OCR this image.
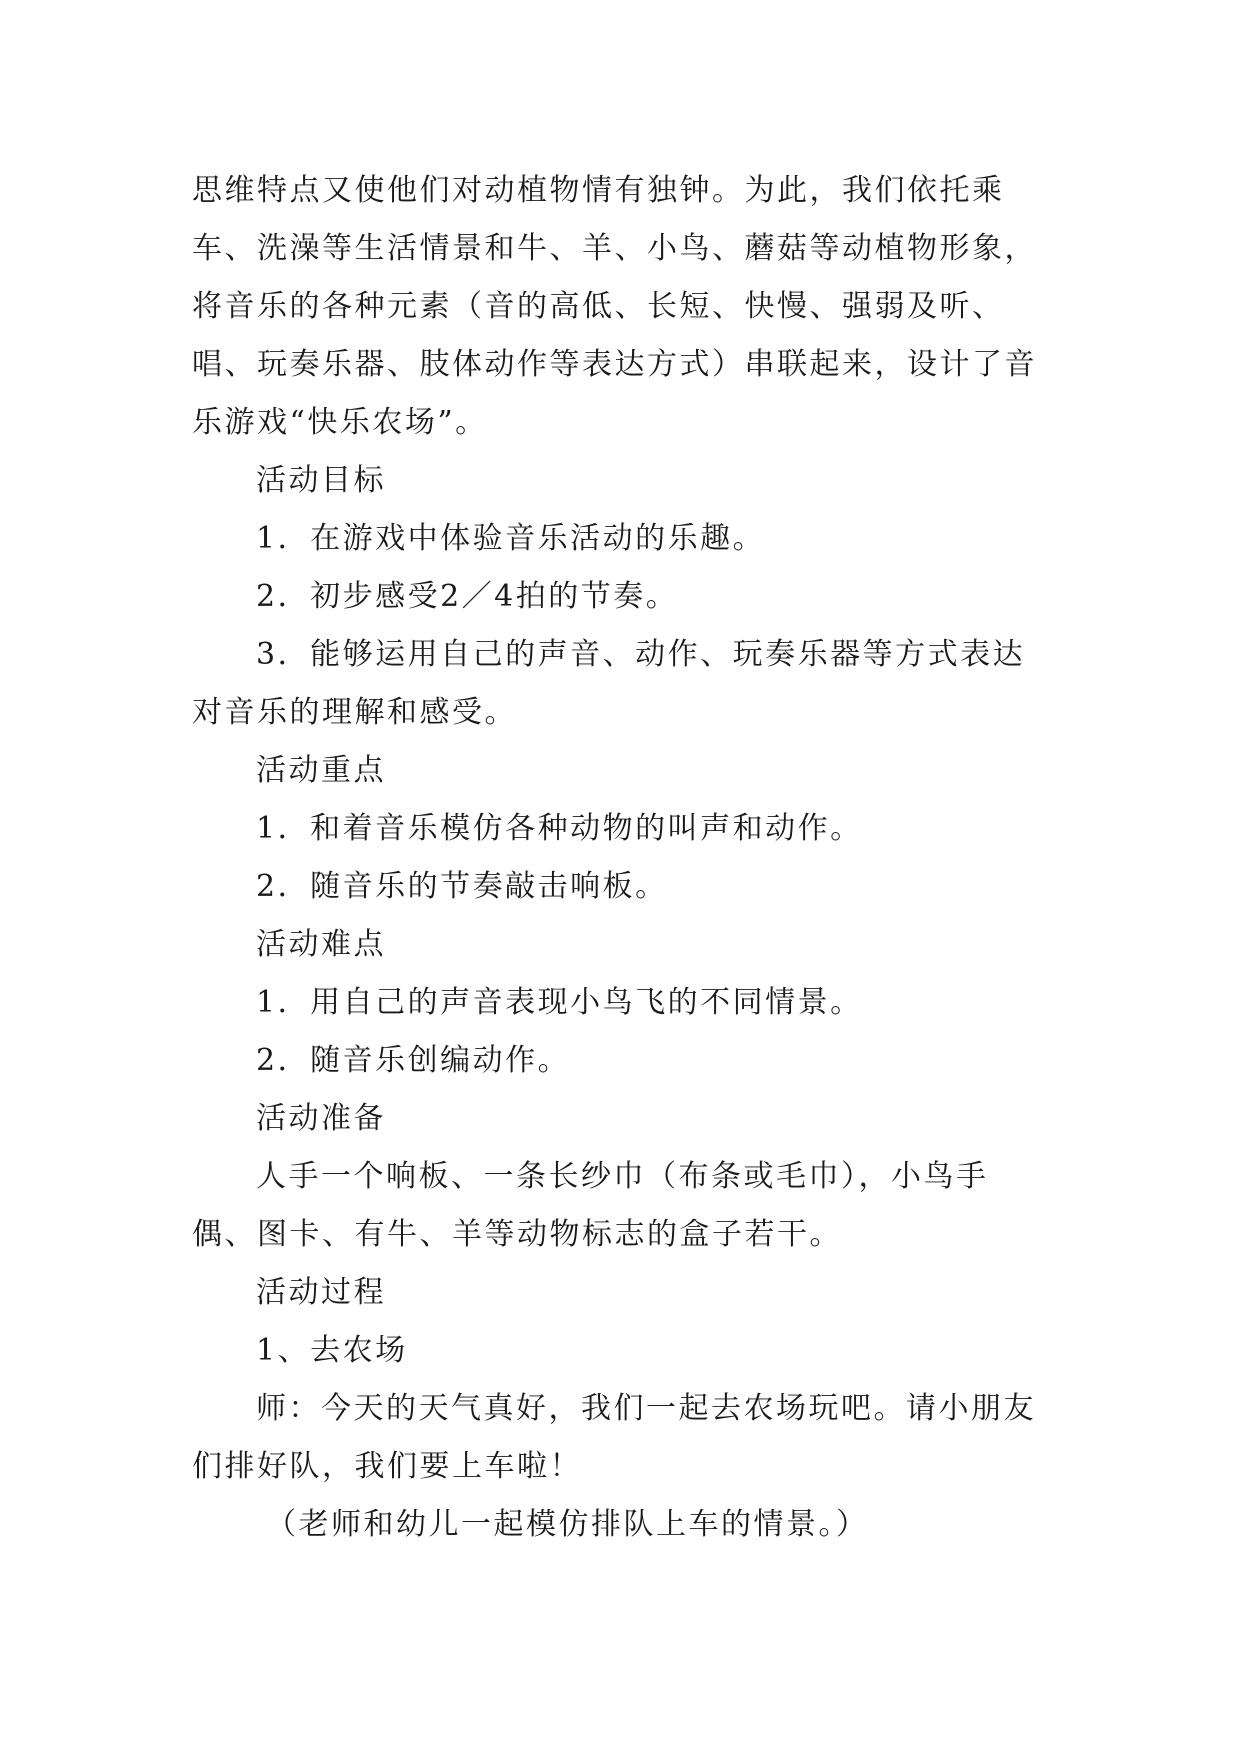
思维特点又使他们对动植物情有独钟。为此，我们依托乘车、洗澡等生活情景和牛、羊、小鸟、蘑菇等动植物形象，将音乐的各种元素（音的高低、长短、快慢、强弱及听、唱、玩奏乐器、肢体动作等表达方式）串联起来，设计了音乐游戏“快乐农场”。

活动目标

1．在游戏中体验音乐活动的乐趣。

2．初步感受2／4拍的节奏。

3．能够运用自己的声音、动作、玩奏乐器等方式表达对音乐的理解和感受。

活动重点

1．和着音乐模仿各种动物的叫声和动作。

2．随音乐的节奏敲击响板。

活动难点

1．用自己的声音表现小鸟飞的不同情景。

2．随音乐创编动作。

活动准备

人手一个响板、一条长纱巾（布条或毛巾），小鸟手偶、图卡、有牛、羊等动物标志的盒子若干。

活动过程

1、去农场

师：今天的天气真好，我们一起去农场玩吧。请小朋友们排好队，我们要上车啦！

（老师和幼儿一起模仿排队上车的情景。）
